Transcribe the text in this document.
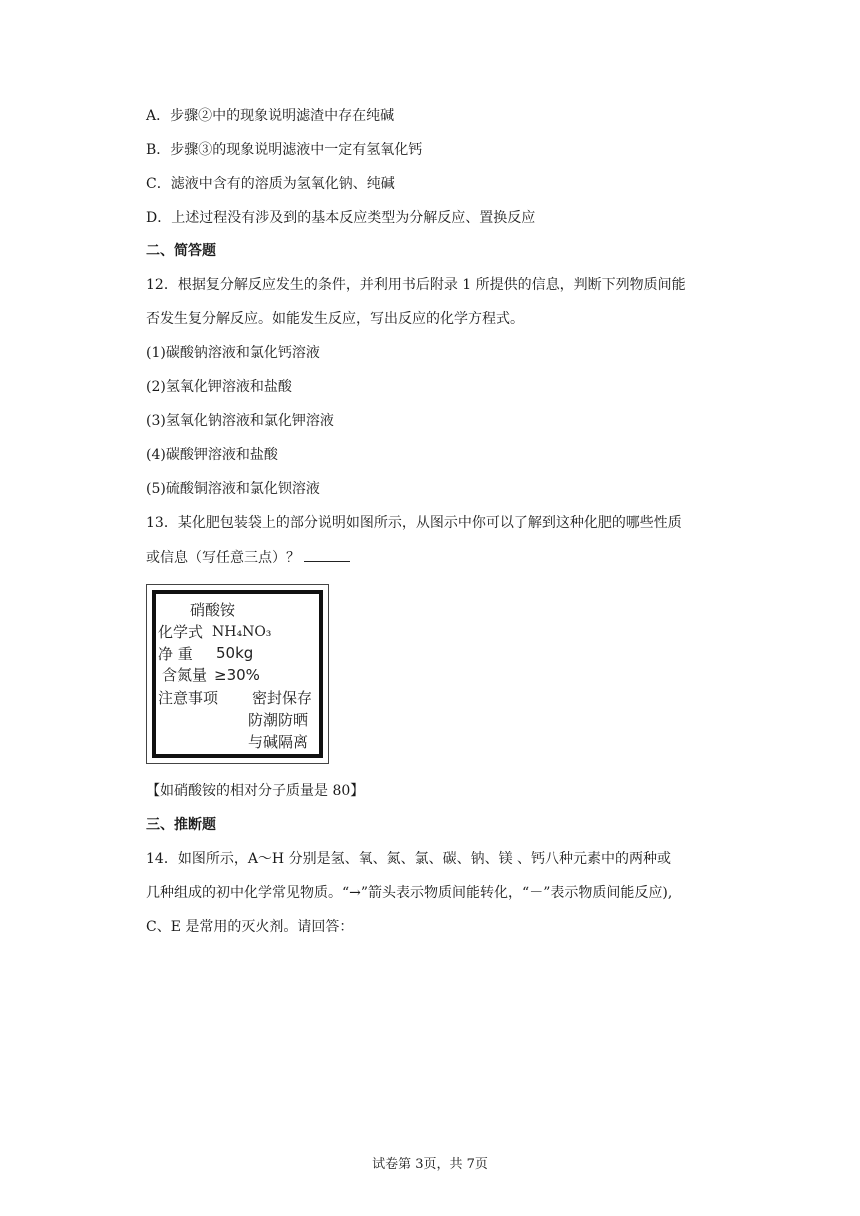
A．步骤②中的现象说明滤渣中存在纯碱
B．步骤③的现象说明滤液中一定有氢氧化钙
C．滤液中含有的溶质为氢氧化钠、纯碱
D．上述过程没有涉及到的基本反应类型为分解反应、置换反应
二、简答题
12．根据复分解反应发生的条件，并利用书后附录 1 所提供的信息，判断下列物质间能
否发生复分解反应。如能发生反应，写出反应的化学方程式。
(1)碳酸钠溶液和氯化钙溶液
(2)氢氧化钾溶液和盐酸
(3)氢氧化钠溶液和氯化钾溶液
(4)碳酸钾溶液和盐酸
(5)硫酸铜溶液和氯化钡溶液
13．某化肥包装袋上的部分说明如图所示，从图示中你可以了解到这种化肥的哪些性质
或信息（写任意三点）？
硝酸铵
化学式 NH₄NO₃
净 重 50kg
含氮量 ≥30%
注意事项 密封保存
防潮防晒
与碱隔离
【如硝酸铵的相对分子质量是 80】
三、推断题
14．如图所示，A～H 分别是氢、氧、氮、氯、碳、钠、镁 、钙八种元素中的两种或
几种组成的初中化学常见物质。“→”箭头表示物质间能转化，“－”表示物质间能反应),
C、E 是常用的灭火剂。请回答：
试卷第 3页，共 7页
